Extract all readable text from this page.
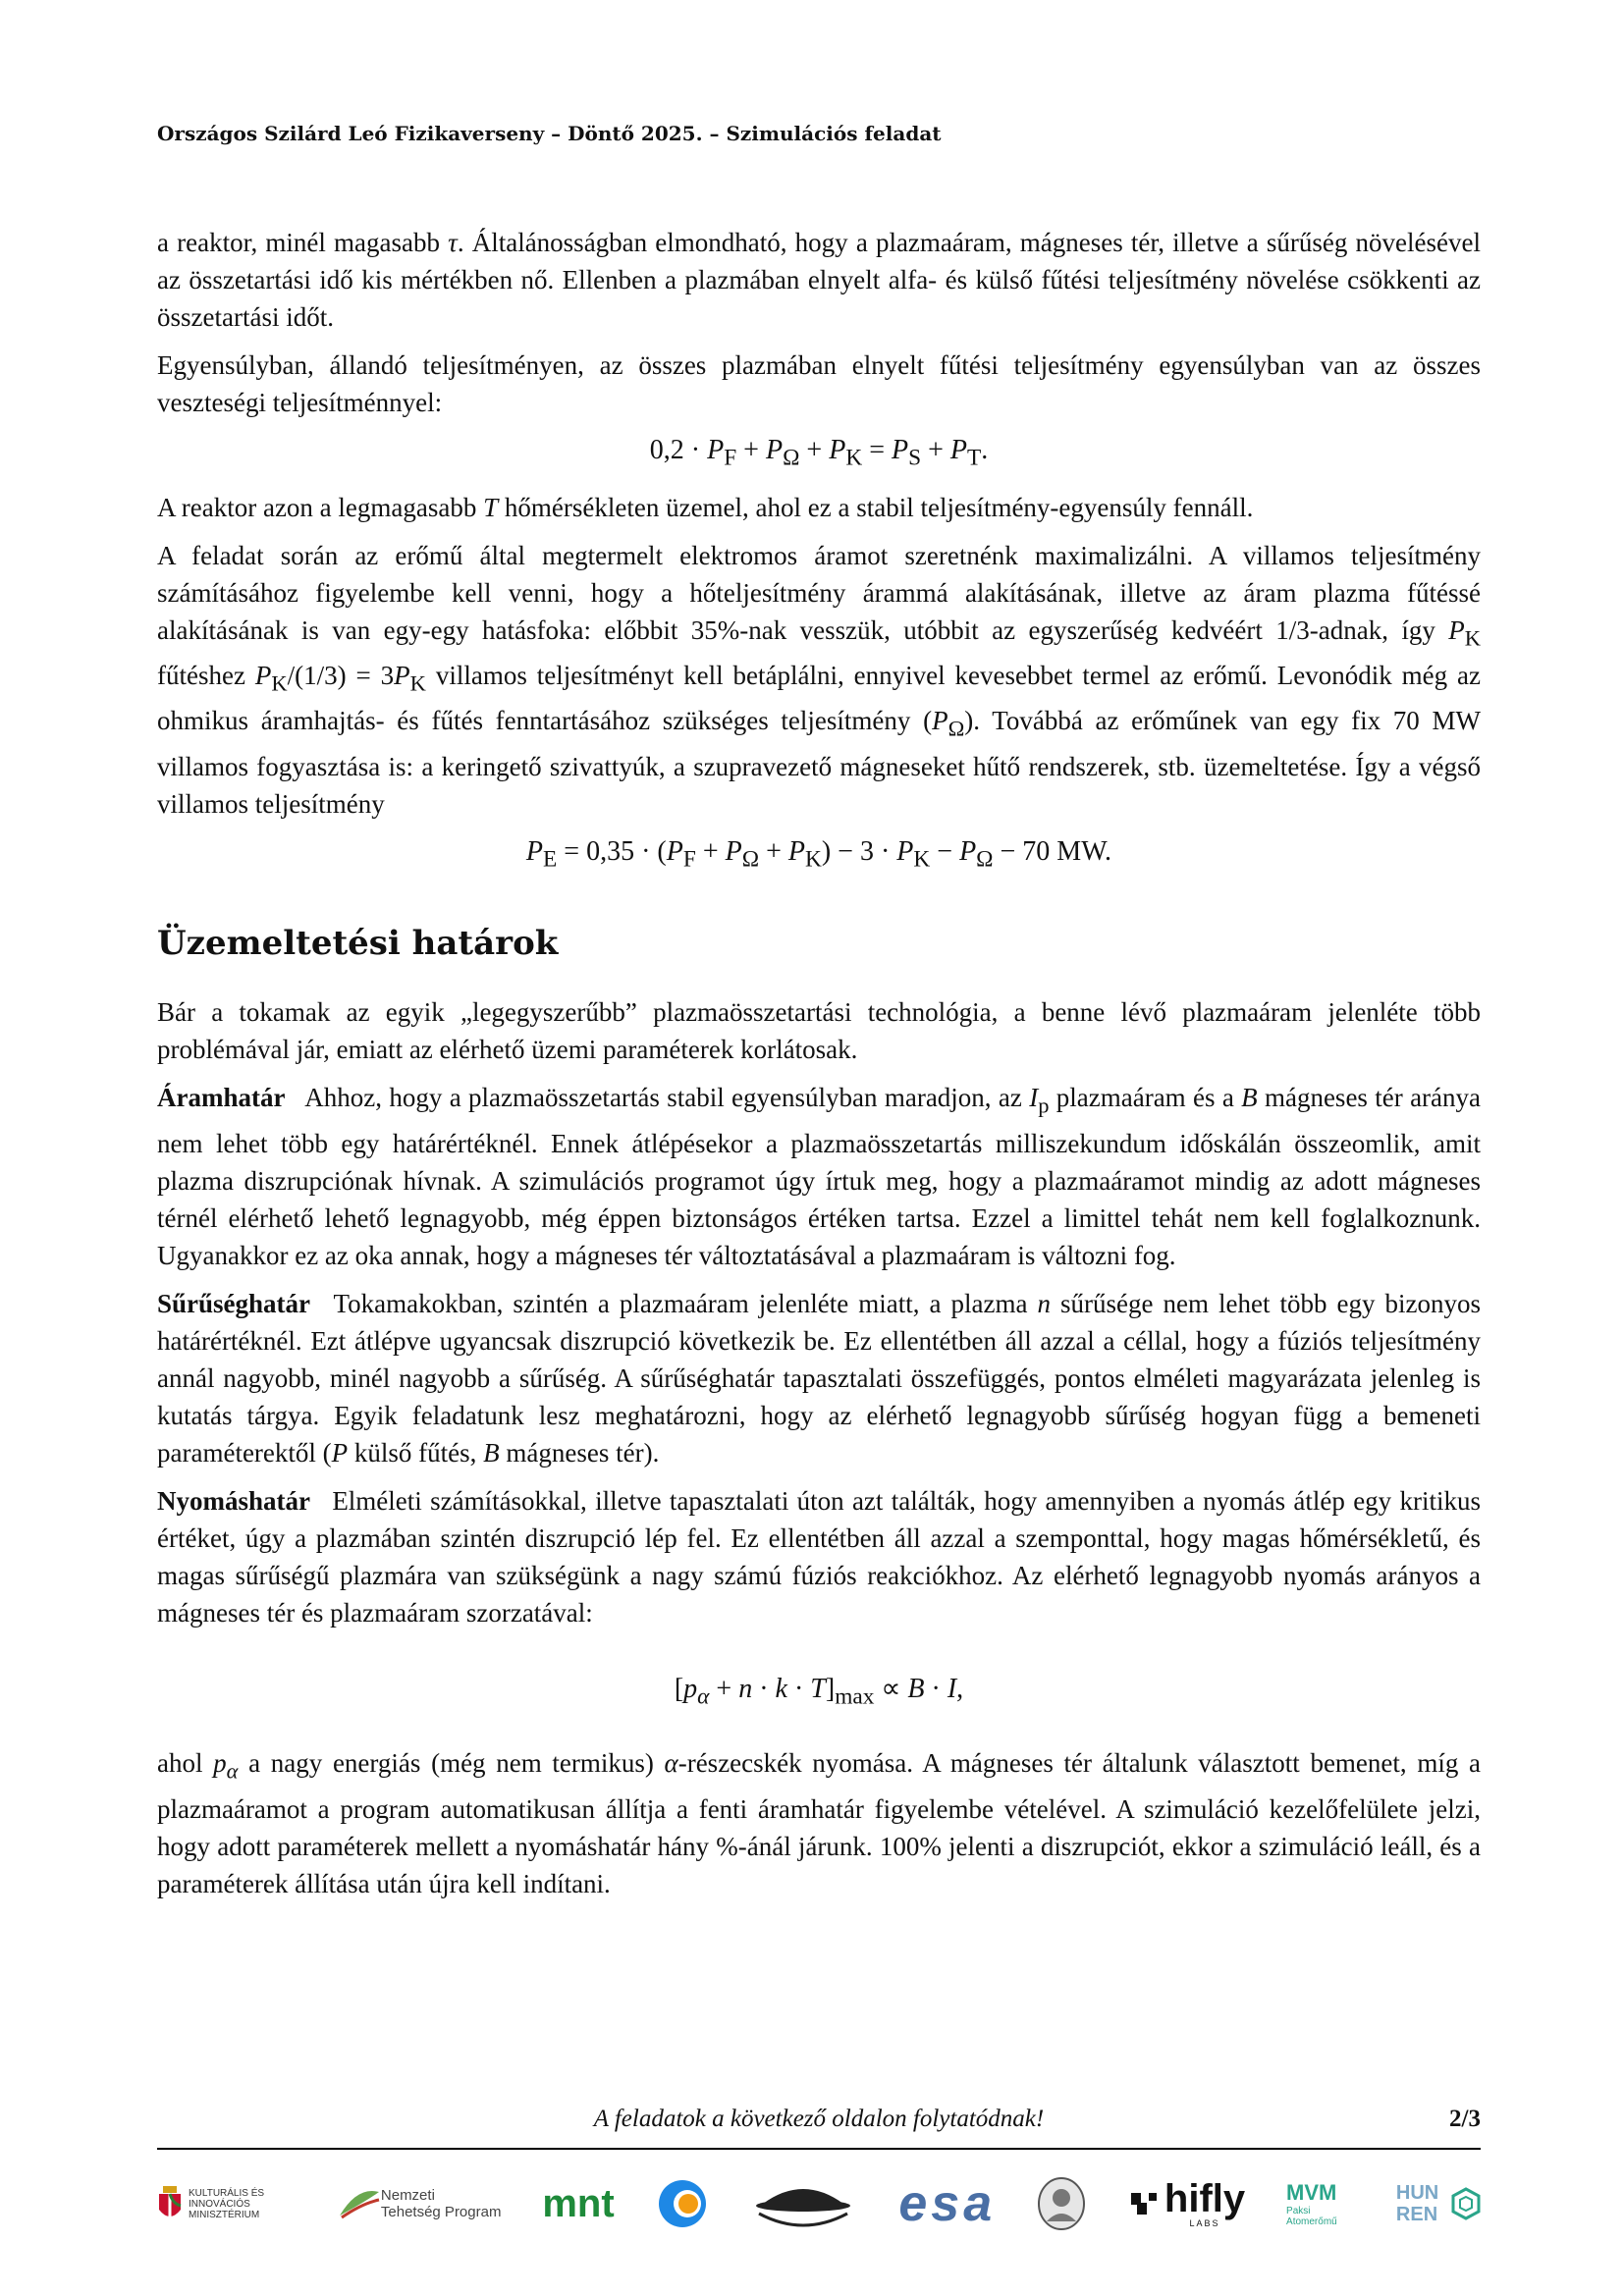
Országos Szilárd Leó Fizikaverseny – Döntő 2025. – Szimulációs feladat

a reaktor, minél magasabb τ. Általánosságban elmondható, hogy a plazmaáram, mágneses tér, illetve a sűrűség növelésével az összetartási idő kis mértékben nő. Ellenben a plazmában elnyelt alfa- és külső fűtési teljesítmény növelése csökkenti az összetartási időt.

Egyensúlyban, állandó teljesítményen, az összes plazmában elnyelt fűtési teljesítmény egyensúlyban van az összes veszteségi teljesítménnyel:

$0,2 \cdot P_F + P_\Omega + P_K = P_S + P_T$.

A reaktor azon a legmagasabb T hőmérsékleten üzemel, ahol ez a stabil teljesítmény-egyensúly fennáll.

A feladat során az erőmű által megtermelt elektromos áramot szeretnénk maximalizálni. A villamos teljesítmény számításához figyelembe kell venni, hogy a hőteljesítmény árammá alakításának, illetve az áram plazma fűtéssé alakításának is van egy-egy hatásfoka: előbbit 35%-nak vesszük, utóbbit az egyszerűség kedvéért 1/3-adnak, így $P_K$ fűtéshez $P_K/(1/3) = 3P_K$ villamos teljesítményt kell betáplálni, ennyivel kevesebbet termel az erőmű. Levonódik még az ohmikus áramhajtás- és fűtés fenntartásához szükséges teljesítmény $(P_\Omega)$. Továbbá az erőműnek van egy fix 70 MW villamos fogyasztása is: a keringető szivattyúk, a szupravezető mágneseket hűtő rendszerek, stb. üzemeltetése. Így a végső villamos teljesítmény

$P_E = 0,35 \cdot (P_F + P_\Omega + P_K) - 3 \cdot P_K - P_\Omega - 70$ MW.
Üzemeltetési határok

Bár a tokamak az egyik „legegyszerűbb” plazmaösszetartási technológia, a benne lévő plazmaáram jelenléte több problémával jár, emiatt az elérhető üzemi paraméterek korlátosak.

Áramhatár Ahhoz, hogy a plazmaösszetartás stabil egyensúlyban maradjon, az $I_p$ plazmaáram és a B mágneses tér aránya nem lehet több egy határértéknél. Ennek átlépésekor a plazmaösszetartás milliszekundum időskálán összeomlik, amit plazma diszrupciónak hívnak. A szimulációs programot úgy írtuk meg, hogy a plazmaáramot mindig az adott mágneses térnél elérhető lehető legnagyobb, még éppen biztonságos értéken tartsa. Ezzel a limittel tehát nem kell foglalkoznunk. Ugyanakkor ez az oka annak, hogy a mágneses tér változtatásával a plazmaáram is változni fog.

Sűrűséghatár Tokamakokban, szintén a plazmaáram jelenléte miatt, a plazma n sűrűsége nem lehet több egy bizonyos határértéknél. Ezt átlépve ugyancsak diszrupció következik be. Ez ellentétben áll azzal a céllal, hogy a fúziós teljesítmény annál nagyobb, minél nagyobb a sűrűség. A sűrűséghatár tapasztalati összefüggés, pontos elméleti magyarázata jelenleg is kutatás tárgya. Egyik feladatunk lesz meghatározni, hogy az elérhető legnagyobb sűrűség hogyan függ a bemeneti paraméterektől (P külső fűtés, B mágneses tér).

Nyomáshatár Elméleti számításokkal, illetve tapasztalati úton azt találták, hogy amennyiben a nyomás átlép egy kritikus értéket, úgy a plazmában szintén diszrupció lép fel. Ez ellentétben áll azzal a szemponttal, hogy magas hőmérsékletű, és magas sűrűségű plazmára van szükségünk a nagy számú fúziós reakciókhoz. Az elérhető legnagyobb nyomás arányos a mágneses tér és plazmaáram szorzatával:

$[p_\alpha + n \cdot k \cdot T]_{max} \propto B \cdot I$,

ahol $p_\alpha$ a nagy energiás (még nem termikus) α-részecskék nyomása. A mágneses tér általunk választott bemenet, míg a plazmaáramot a program automatikusan állítja a fenti áramhatár figyelembe vételével. A szimuláció kezelőfelülete jelzi, hogy adott paraméterek mellett a nyomáshatár hány %-ánál járunk. 100% jelenti a diszrupciót, ekkor a szimuláció leáll, és a paraméterek állítása után újra kell indítani.

A feladatok a következő oldalon folytatódnak!	2/3
KULTURÁLIS ÉS INNOVÁCIÓS MINISZTÉRIUM
Nemzeti
Tehetség Program mnt	esa	hifly
LABS
MVM
Paksi Atomerőmű
HUN REN
